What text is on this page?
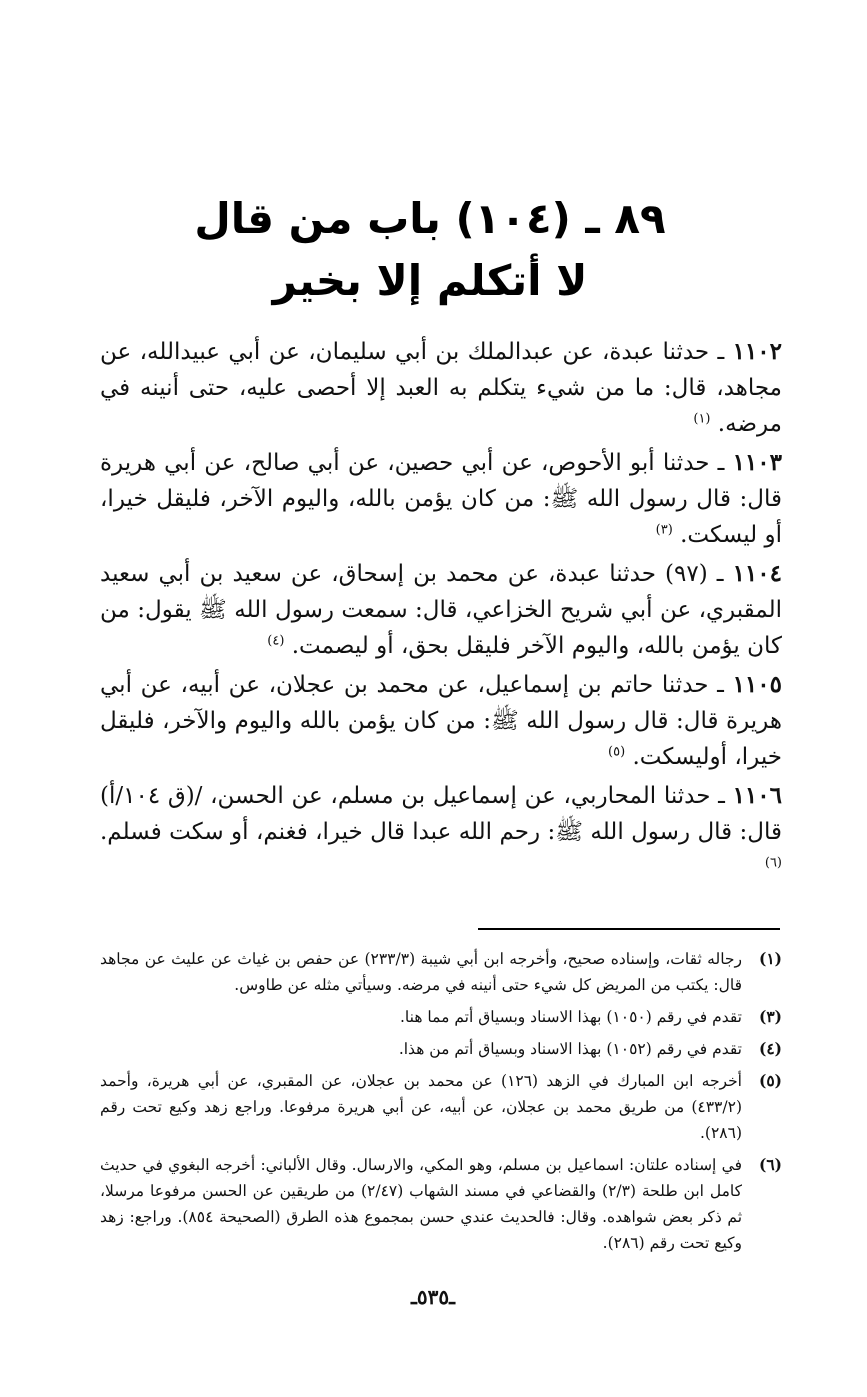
٨٩ ـ (١٠٤) باب من قال
لا أتكلم إلا بخير

١١٠٢ ـ حدثنا عبدة، عن عبدالملك بن أبي سليمان، عن أبي عبيدالله، عن مجاهد، قال: ما من شيء يتكلم به العبد إلا أحصى عليه، حتى أنينه في مرضه. $^{(١)}$

١١٠٣ ـ حدثنا أبو الأحوص، عن أبي حصين، عن أبي صالح، عن أبي هريرة قال: قال رسول الله ﷺ: من كان يؤمن بالله، واليوم الآخر، فليقل خيرا، أو ليسكت. $^{(٣)}$

١١٠٤ ـ (٩٧) حدثنا عبدة، عن محمد بن إسحاق، عن سعيد بن أبي سعيد المقبري، عن أبي شريح الخزاعي، قال: سمعت رسول الله ﷺ يقول: من كان يؤمن بالله، واليوم الآخر فليقل بحق، أو ليصمت. $^{(٤)}$

١١٠٥ ـ حدثنا حاتم بن إسماعيل، عن محمد بن عجلان، عن أبيه، عن أبي هريرة قال: قال رسول الله ﷺ: من كان يؤمن بالله واليوم والآخر، فليقل خيرا، أوليسكت. $^{(٥)}$

١١٠٦ ـ حدثنا المحاربي، عن إسماعيل بن مسلم، عن الحسن، /(ق ١٠٤/أ) قال: قال رسول الله ﷺ: رحم الله عبدا قال خيرا، فغنم، أو سكت فسلم. $^{(٦)}$

(١)
رجاله ثقات، وإسناده صحيح، وأخرجه ابن أبي شيبة (٢٣٣/٣) عن حفص بن غياث عن عليث عن مجاهد قال: يكتب من المريض كل شيء حتى أنينه في مرضه. وسيأتي مثله عن طاوس.
(٣)
تقدم في رقم (١٠٥٠) بهذا الاسناد وبسياق أتم مما هنا.
(٤)
تقدم في رقم (١٠٥٢) بهذا الاسناد وبسياق أتم من هذا.
(٥)
أخرجه ابن المبارك في الزهد (١٢٦) عن محمد بن عجلان، عن المقبري، عن أبي هريرة، وأحمد (٤٣٣/٢) من طريق محمد بن عجلان، عن أبيه، عن أبي هريرة مرفوعا. وراجع زهد وكيع تحت رقم (٢٨٦).
(٦)
في إسناده علتان: اسماعيل بن مسلم، وهو المكي، والارسال. وقال الألباني: أخرجه البغوي في حديث كامل ابن طلحة (٢/٣) والقضاعي في مسند الشهاب (٢/٤٧) من طريقين عن الحسن مرفوعا مرسلا، ثم ذكر بعض شواهده. وقال: فالحديث عندي حسن بمجموع هذه الطرق (الصحيحة ٨٥٤). وراجع: زهد وكيع تحت رقم (٢٨٦).
ـ٥٣٥ـ
